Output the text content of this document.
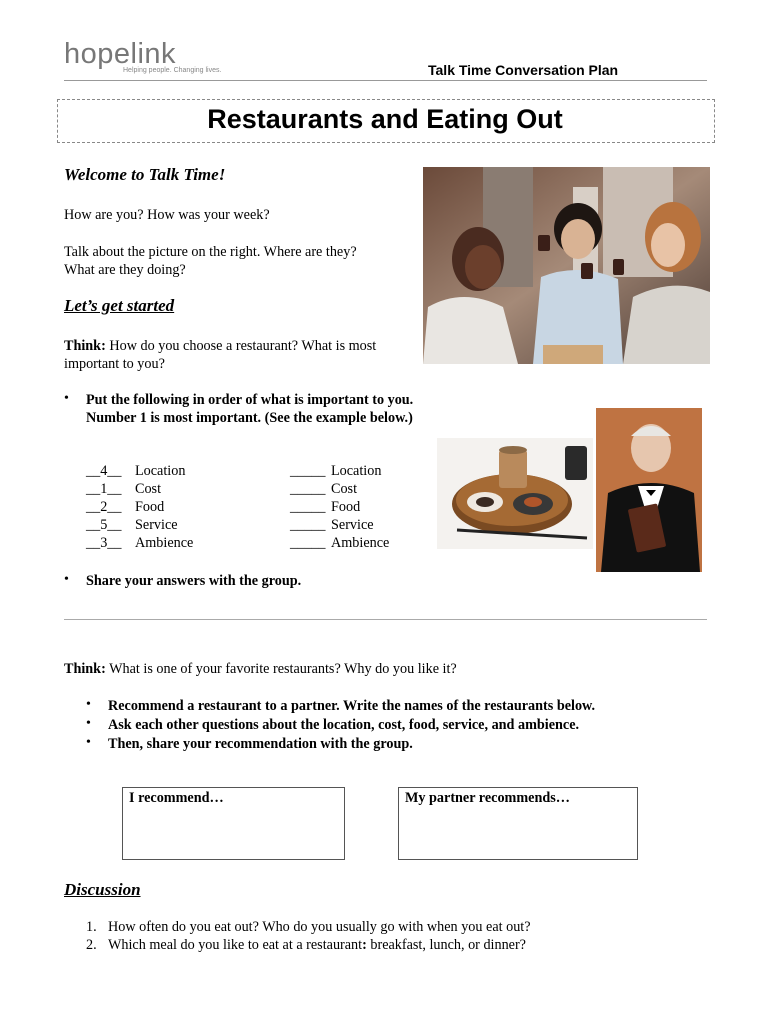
hopelink
Helping people. Changing lives.	Talk Time Conversation Plan
Restaurants and Eating Out
Welcome to Talk Time!
How are you? How was your week?
Talk about the picture on the right. Where are they?
What are they doing?
Let’s get started
Think: How do you choose a restaurant? What is most
important to you?
• Put the following in order of what is important to you.
Number 1 is most important. (See the example below.)
__4__ Location
__1__ Cost
__2__ Food
__5__ Service
__3__ Ambience
_____ Location
_____ Cost
_____ Food
_____ Service
_____ Ambience
• Share your answers with the group.
Think: What is one of your favorite restaurants? Why do you like it?
• Recommend a restaurant to a partner. Write the names of the restaurants below.
• Ask each other questions about the location, cost, food, service, and ambience.
• Then, share your recommendation with the group.
I recommend…	My partner recommends…
Discussion
1. How often do you eat out? Who do you usually go with when you eat out?
2. Which meal do you like to eat at a restaurant: breakfast, lunch, or dinner?
